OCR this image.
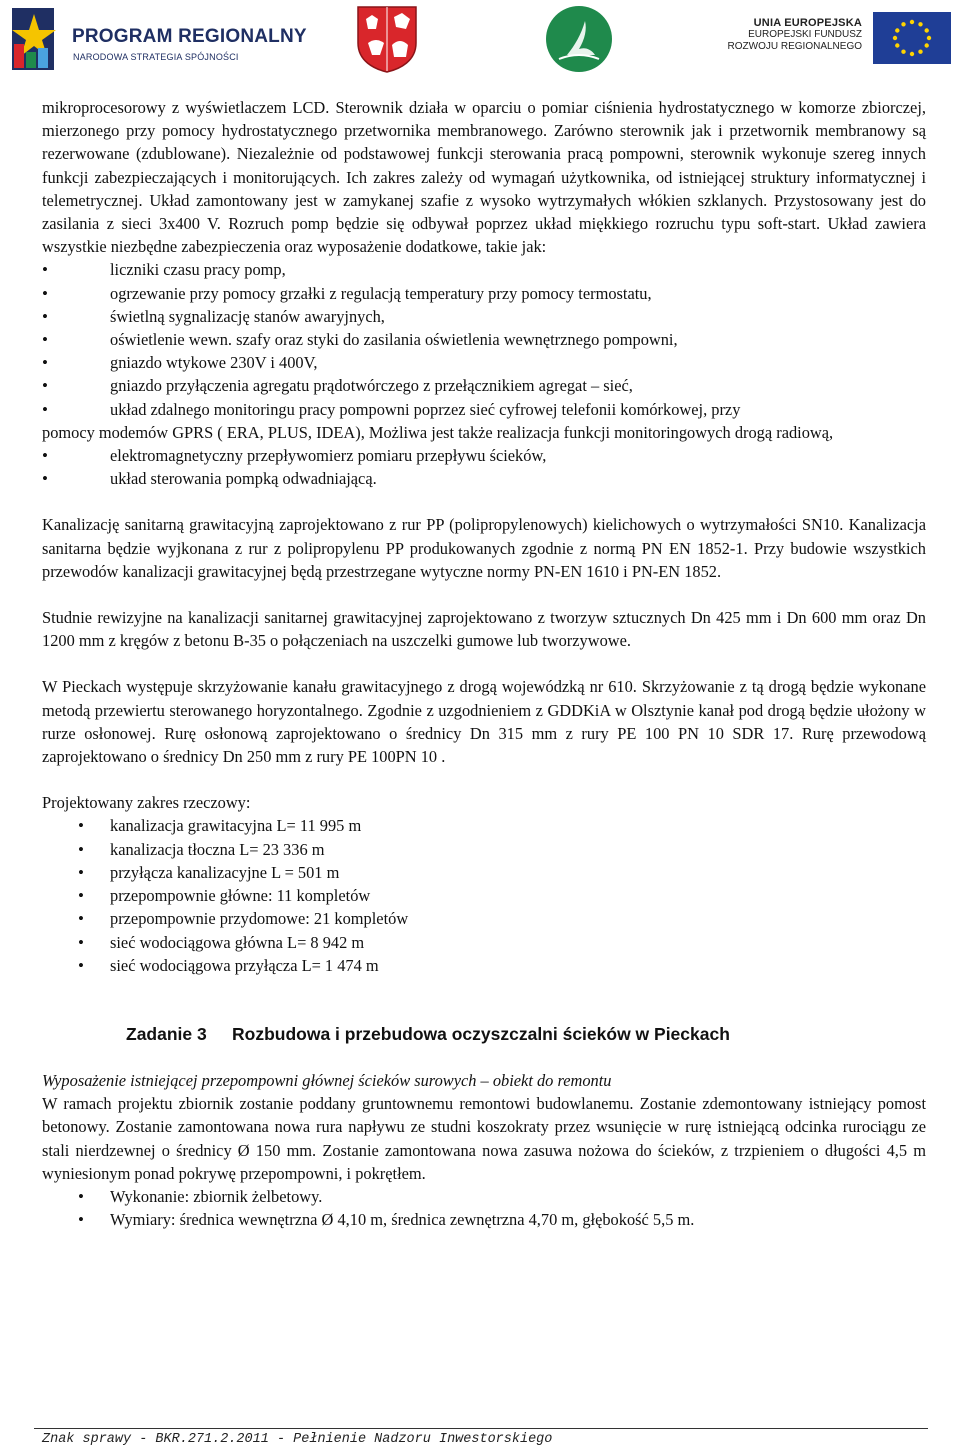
PROGRAM REGIONALNY
NARODOWA STRATEGIA SPÓJNOŚCI
UNIA EUROPEJSKA
EUROPEJSKI FUNDUSZ
ROZWOJU REGIONALNEGO

mikroprocesorowy z wyświetlaczem LCD. Sterownik działa w oparciu o pomiar ciśnienia hydrostatycznego w komorze zbiorczej, mierzonego przy pomocy hydrostatycznego przetwornika membranowego. Zarówno sterownik jak i przetwornik membranowy są rezerwowane (zdublowane). Niezależnie od podstawowej funkcji sterowania pracą pompowni, sterownik wykonuje szereg innych funkcji zabezpieczających i monitorujących. Ich zakres zależy od wymagań użytkownika, od istniejącej struktury informatycznej i telemetrycznej. Układ zamontowany jest w zamykanej szafie z wysoko wytrzymałych włókien szklanych. Przystosowany jest do zasilania z sieci 3x400 V. Rozruch pomp będzie się odbywał poprzez układ miękkiego rozruchu typu soft-start. Układ zawiera wszystkie niezbędne zabezpieczenia oraz wyposażenie dodatkowe, takie jak:

• liczniki czasu pracy pomp,
• ogrzewanie przy pomocy grzałki z regulacją temperatury przy pomocy termostatu,
• świetlną sygnalizację stanów awaryjnych,
• oświetlenie wewn. szafy oraz styki do zasilania oświetlenia wewnętrznego pompowni,
• gniazdo wtykowe 230V i 400V,
• gniazdo przyłączenia agregatu prądotwórczego z przełącznikiem agregat – sieć,
• układ zdalnego monitoringu pracy pompowni poprzez sieć cyfrowej telefonii komórkowej, przy

pomocy modemów GPRS ( ERA, PLUS, IDEA), Możliwa jest także realizacja funkcji monitoringowych drogą radiową,

• elektromagnetyczny przepływomierz pomiaru przepływu ścieków,
• układ sterowania pompką odwadniającą.

Kanalizację sanitarną grawitacyjną zaprojektowano z rur PP (polipropylenowych) kielichowych o wytrzymałości SN10. Kanalizacja sanitarna będzie wyjkonana z rur z polipropylenu PP produkowanych zgodnie z normą PN EN 1852-1. Przy budowie wszystkich przewodów kanalizacji grawitacyjnej będą przestrzegane wytyczne normy PN-EN 1610 i PN-EN 1852.

Studnie rewizyjne na kanalizacji sanitarnej grawitacyjnej zaprojektowano z tworzyw sztucznych Dn 425 mm i Dn 600 mm oraz Dn 1200 mm z kręgów z betonu B-35 o połączeniach na uszczelki gumowe lub tworzywowe.

W Pieckach występuje skrzyżowanie kanału grawitacyjnego z drogą wojewódzką nr 610. Skrzyżowanie z tą drogą będzie wykonane metodą przewiertu sterowanego horyzontalnego. Zgodnie z uzgodnieniem z GDDKiA w Olsztynie kanał pod drogą będzie ułożony w rurze osłonowej. Rurę osłonową zaprojektowano o średnicy Dn 315 mm z rury PE 100 PN 10 SDR 17. Rurę przewodową zaprojektowano o średnicy Dn 250 mm z rury PE 100PN 10 .

Projektowany zakres rzeczowy:

• kanalizacja grawitacyjna L= 11 995 m
• kanalizacja tłoczna L= 23 336 m
• przyłącza kanalizacyjne L = 501 m
• przepompownie główne: 11 kompletów
• przepompownie przydomowe: 21 kompletów
• sieć wodociągowa główna L= 8 942 m
• sieć wodociągowa przyłącza L= 1 474 m

Zadanie 3 Rozbudowa i przebudowa oczyszczalni ścieków w Pieckach

Wyposażenie istniejącej przepompowni głównej ścieków surowych – obiekt do remontu

W ramach projektu zbiornik zostanie poddany gruntownemu remontowi budowlanemu. Zostanie zdemontowany istniejący pomost betonowy. Zostanie zamontowana nowa rura napływu ze studni koszokraty przez wsunięcie w rurę istniejącą odcinka rurociągu ze stali nierdzewnej o średnicy Ø 150 mm. Zostanie zamontowana nowa zasuwa nożowa do ścieków, z trzpieniem o długości 4,5 m wyniesionym ponad pokrywę przepompowni, i pokrętłem.

• Wykonanie: zbiornik żelbetowy.
• Wymiary: średnica wewnętrzna Ø 4,10 m, średnica zewnętrzna 4,70 m, głębokość 5,5 m.
Znak sprawy - BKR.271.2.2011 - Pełnienie Nadzoru Inwestorskiego
